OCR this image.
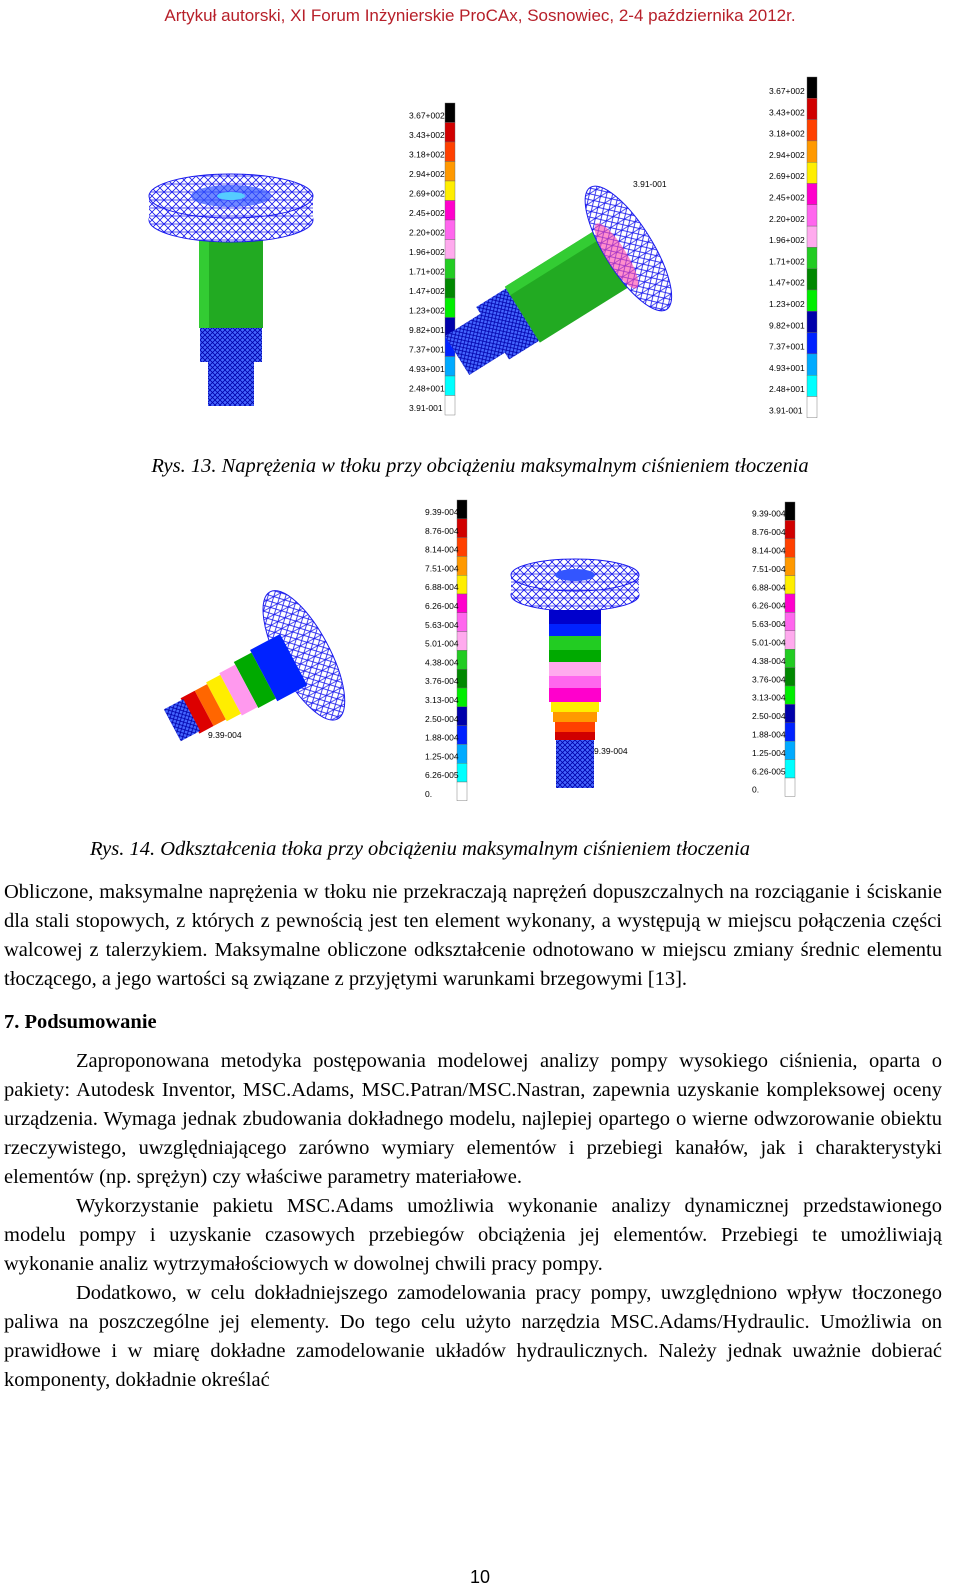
Artykuł autorski, XI Forum Inżynierskie ProCAx, Sosnowiec, 2-4 października 2012r.
3.67+002
3.43+002
3.18+002
2.94+002
2.69+002
2.45+002
2.20+002
1.96+002
1.71+002
1.47+002
1.23+002
9.82+001
7.37+001
4.93+001
2.48+001
3.91-001
3.91-001
3.67+002
3.43+002
3.18+002
2.94+002
2.69+002
2.45+002
2.20+002
1.96+002
1.71+002
1.47+002
1.23+002
9.82+001
7.37+001
4.93+001
2.48+001
3.91-001
Rys. 13. Naprężenia w tłoku przy obciążeniu maksymalnym ciśnieniem tłoczenia
9.39-004
9.39-004
8.76-004
8.14-004
7.51-004
6.88-004
6.26-004
5.63-004
5.01-004
4.38-004
3.76-004
3.13-004
2.50-004
1.88-004
1.25-004
6.26-005
0.
9.39-004
9.39-004
8.76-004
8.14-004
7.51-004
6.88-004
6.26-004
5.63-004
5.01-004
4.38-004
3.76-004
3.13-004
2.50-004
1.88-004
1.25-004
6.26-005
0.
Rys. 14. Odkształcenia tłoka przy obciążeniu maksymalnym ciśnieniem tłoczenia

Obliczone, maksymalne naprężenia w tłoku nie przekraczają naprężeń dopuszczalnych na rozciąganie i ściskanie dla stali stopowych, z których z pewnością jest ten element wykonany, a występują w miejscu połączenia części walcowej z talerzykiem. Maksymalne obliczone odkształcenie odnotowano w miejscu zmiany średnic elementu tłoczącego, a jego wartości są związane z przyjętymi warunkami brzegowymi [13].

7. Podsumowanie

Zaproponowana metodyka postępowania modelowej analizy pompy wysokiego ciśnienia, oparta o pakiety: Autodesk Inventor, MSC.Adams, MSC.Patran/MSC.Nastran, zapewnia uzyskanie kompleksowej oceny urządzenia. Wymaga jednak zbudowania dokładnego modelu, najlepiej opartego o wierne odwzorowanie obiektu rzeczywistego, uwzględniającego zarówno wymiary elementów i przebiegi kanałów, jak i charakterystyki elementów (np. sprężyn) czy właściwe parametry materiałowe.

Wykorzystanie pakietu MSC.Adams umożliwia wykonanie analizy dynamicznej przedstawionego modelu pompy i uzyskanie czasowych przebiegów obciążenia jej elementów. Przebiegi te umożliwiają wykonanie analiz wytrzymałościowych w dowolnej chwili pracy pompy.

Dodatkowo, w celu dokładniejszego zamodelowania pracy pompy, uwzględniono wpływ tłoczonego paliwa na poszczególne jej elementy. Do tego celu użyto narzędzia MSC.Adams/Hydraulic. Umożliwia on prawidłowe i w miarę dokładne zamodelowanie układów hydraulicznych. Należy jednak uważnie dobierać komponenty, dokładnie określać

10
